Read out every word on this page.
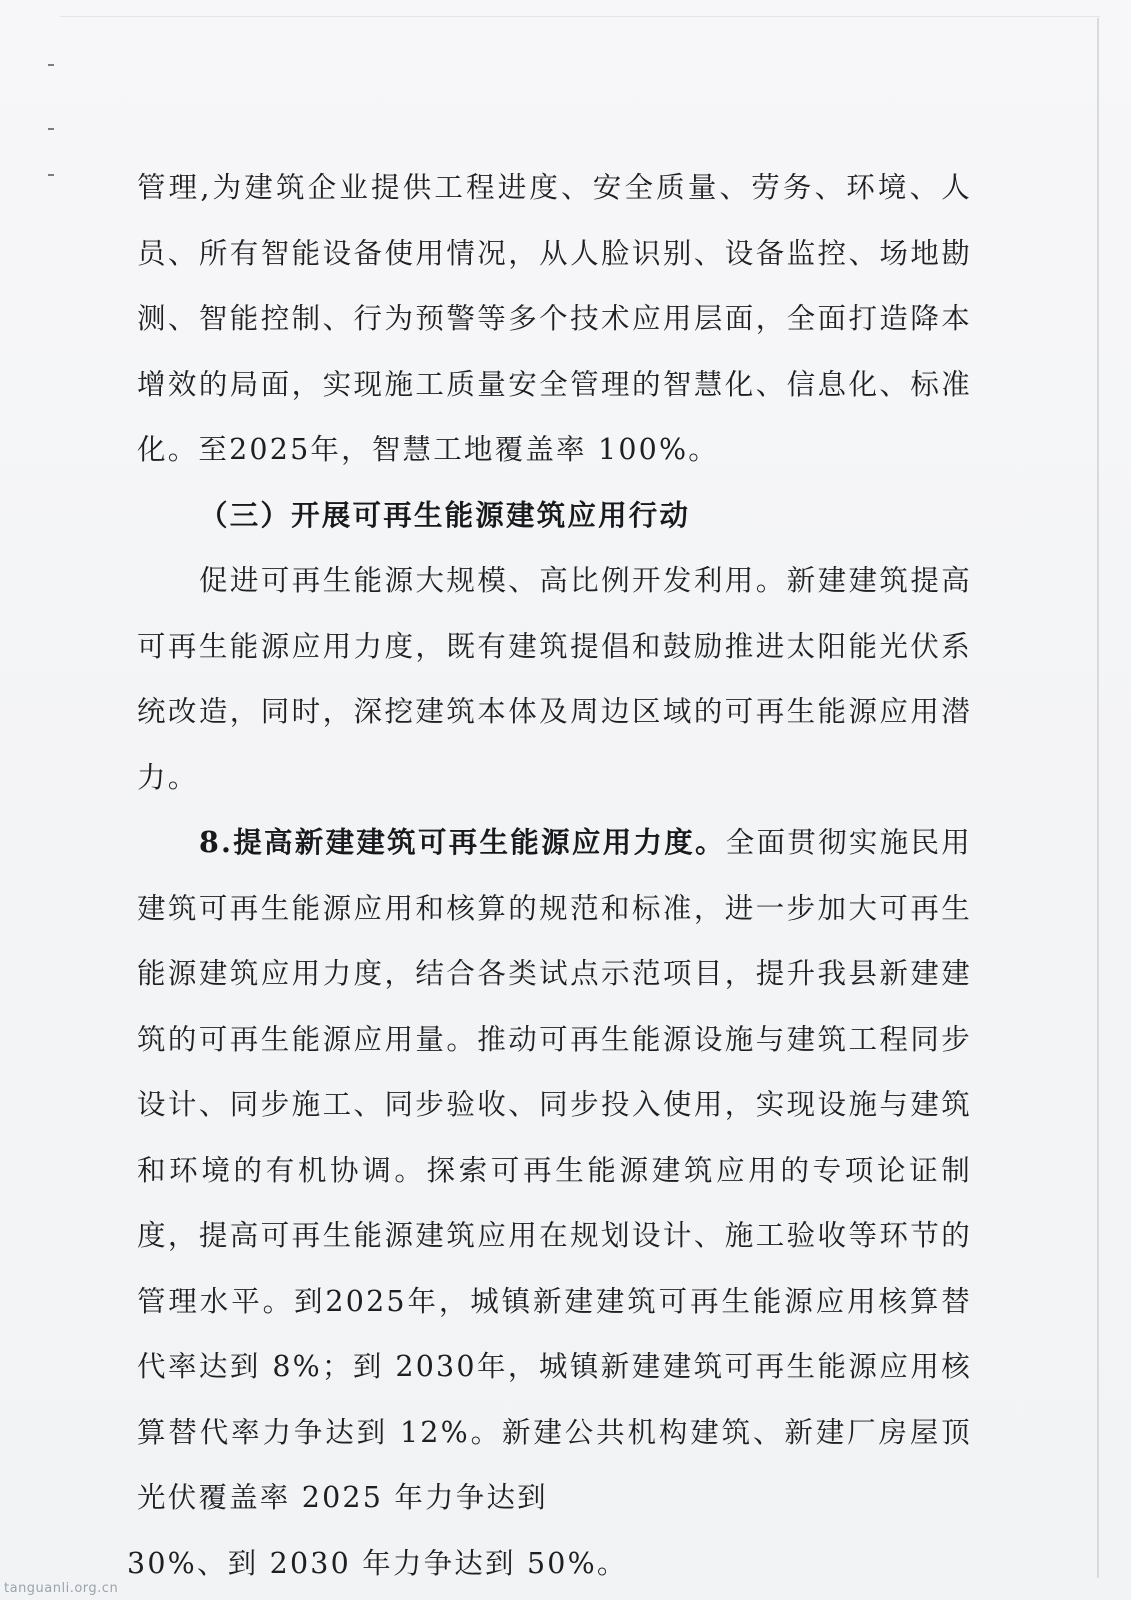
管理,为建筑企业提供工程进度、安全质量、劳务、环境、人员、所有智能设备使用情况，从人脸识别、设备监控、场地勘测、智能控制、行为预警等多个技术应用层面，全面打造降本增效的局面，实现施工质量安全管理的智慧化、信息化、标准化。至2025年，智慧工地覆盖率 100%。

（三）开展可再生能源建筑应用行动

促进可再生能源大规模、高比例开发利用。新建建筑提高可再生能源应用力度，既有建筑提倡和鼓励推进太阳能光伏系统改造，同时，深挖建筑本体及周边区域的可再生能源应用潜力。

8.提高新建建筑可再生能源应用力度。全面贯彻实施民用建筑可再生能源应用和核算的规范和标准，进一步加大可再生能源建筑应用力度，结合各类试点示范项目，提升我县新建建筑的可再生能源应用量。推动可再生能源设施与建筑工程同步设计、同步施工、同步验收、同步投入使用，实现设施与建筑和环境的有机协调。探索可再生能源建筑应用的专项论证制度，提高可再生能源建筑应用在规划设计、施工验收等环节的管理水平。到2025年，城镇新建建筑可再生能源应用核算替代率达到 8%；到 2030年，城镇新建建筑可再生能源应用核算替代率力争达到 12%。新建公共机构建筑、新建厂房屋顶光伏覆盖率 2025 年力争达到

30%、到 2030 年力争达到 50%。

tanguanli.org.cn
